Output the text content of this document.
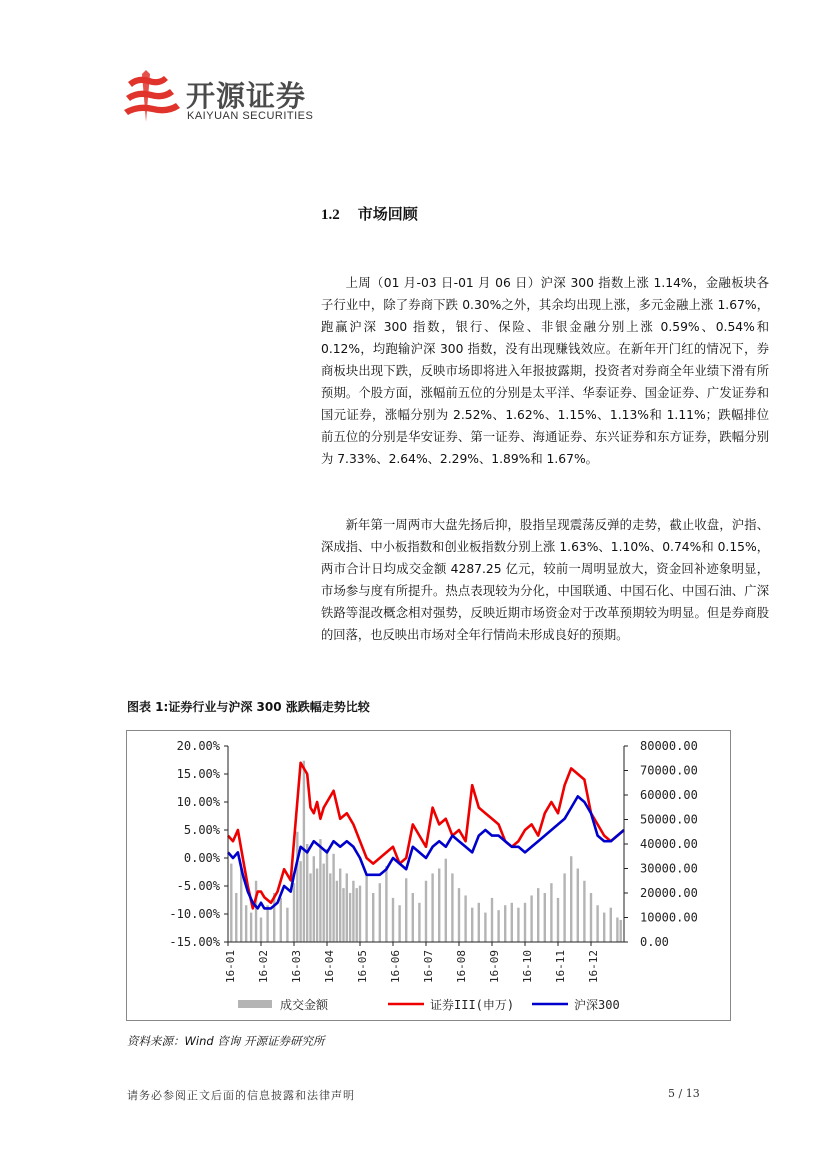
开源证券
KAIYUAN SECURITIES
1.2 市场回顾
上周（01 月-03 日-01 月 06 日）沪深 300 指数上涨 1.14%，金融板块各子行业中，除了券商下跌 0.30%之外，其余均出现上涨，多元金融上涨 1.67%，跑赢沪深 300 指数，银行、保险、非银金融分别上涨 0.59%、0.54%和 0.12%，均跑输沪深 300 指数，没有出现赚钱效应。在新年开门红的情况下，券商板块出现下跌，反映市场即将进入年报披露期，投资者对券商全年业绩下滑有所预期。个股方面，涨幅前五位的分别是太平洋、华泰证券、国金证券、广发证券和国元证券，涨幅分别为 2.52%、1.62%、1.15%、1.13%和 1.11%；跌幅排位前五位的分别是华安证券、第一证券、海通证券、东兴证券和东方证券，跌幅分别为 7.33%、2.64%、2.29%、1.89%和 1.67%。
新年第一周两市大盘先扬后抑，股指呈现震荡反弹的走势，截止收盘，沪指、深成指、中小板指数和创业板指数分别上涨 1.63%、1.10%、0.74%和 0.15%，两市合计日均成交金额 4287.25 亿元，较前一周明显放大，资金回补迹象明显，市场参与度有所提升。热点表现较为分化，中国联通、中国石化、中国石油、广深铁路等混改概念相对强势，反映近期市场资金对于改革预期较为明显。但是券商股的回落，也反映出市场对全年行情尚未形成良好的预期。
图表 1:证券行业与沪深 300 涨跌幅走势比较
20.00%
15.00%
10.00%
5.00%
0.00%
-5.00%
-10.00%
-15.00%
80000.00
70000.00
60000.00
50000.00
40000.00
30000.00
20000.00
10000.00
0.00
16-01 16-02 16-03 16-04 16-05 16-06 16-07 16-08 16-09 16-10 16-11 16-12
成交金额	证券III(申万)	沪深300
资料来源：Wind 咨询 开源证券研究所
请务必参阅正文后面的信息披露和法律声明	5 / 13
